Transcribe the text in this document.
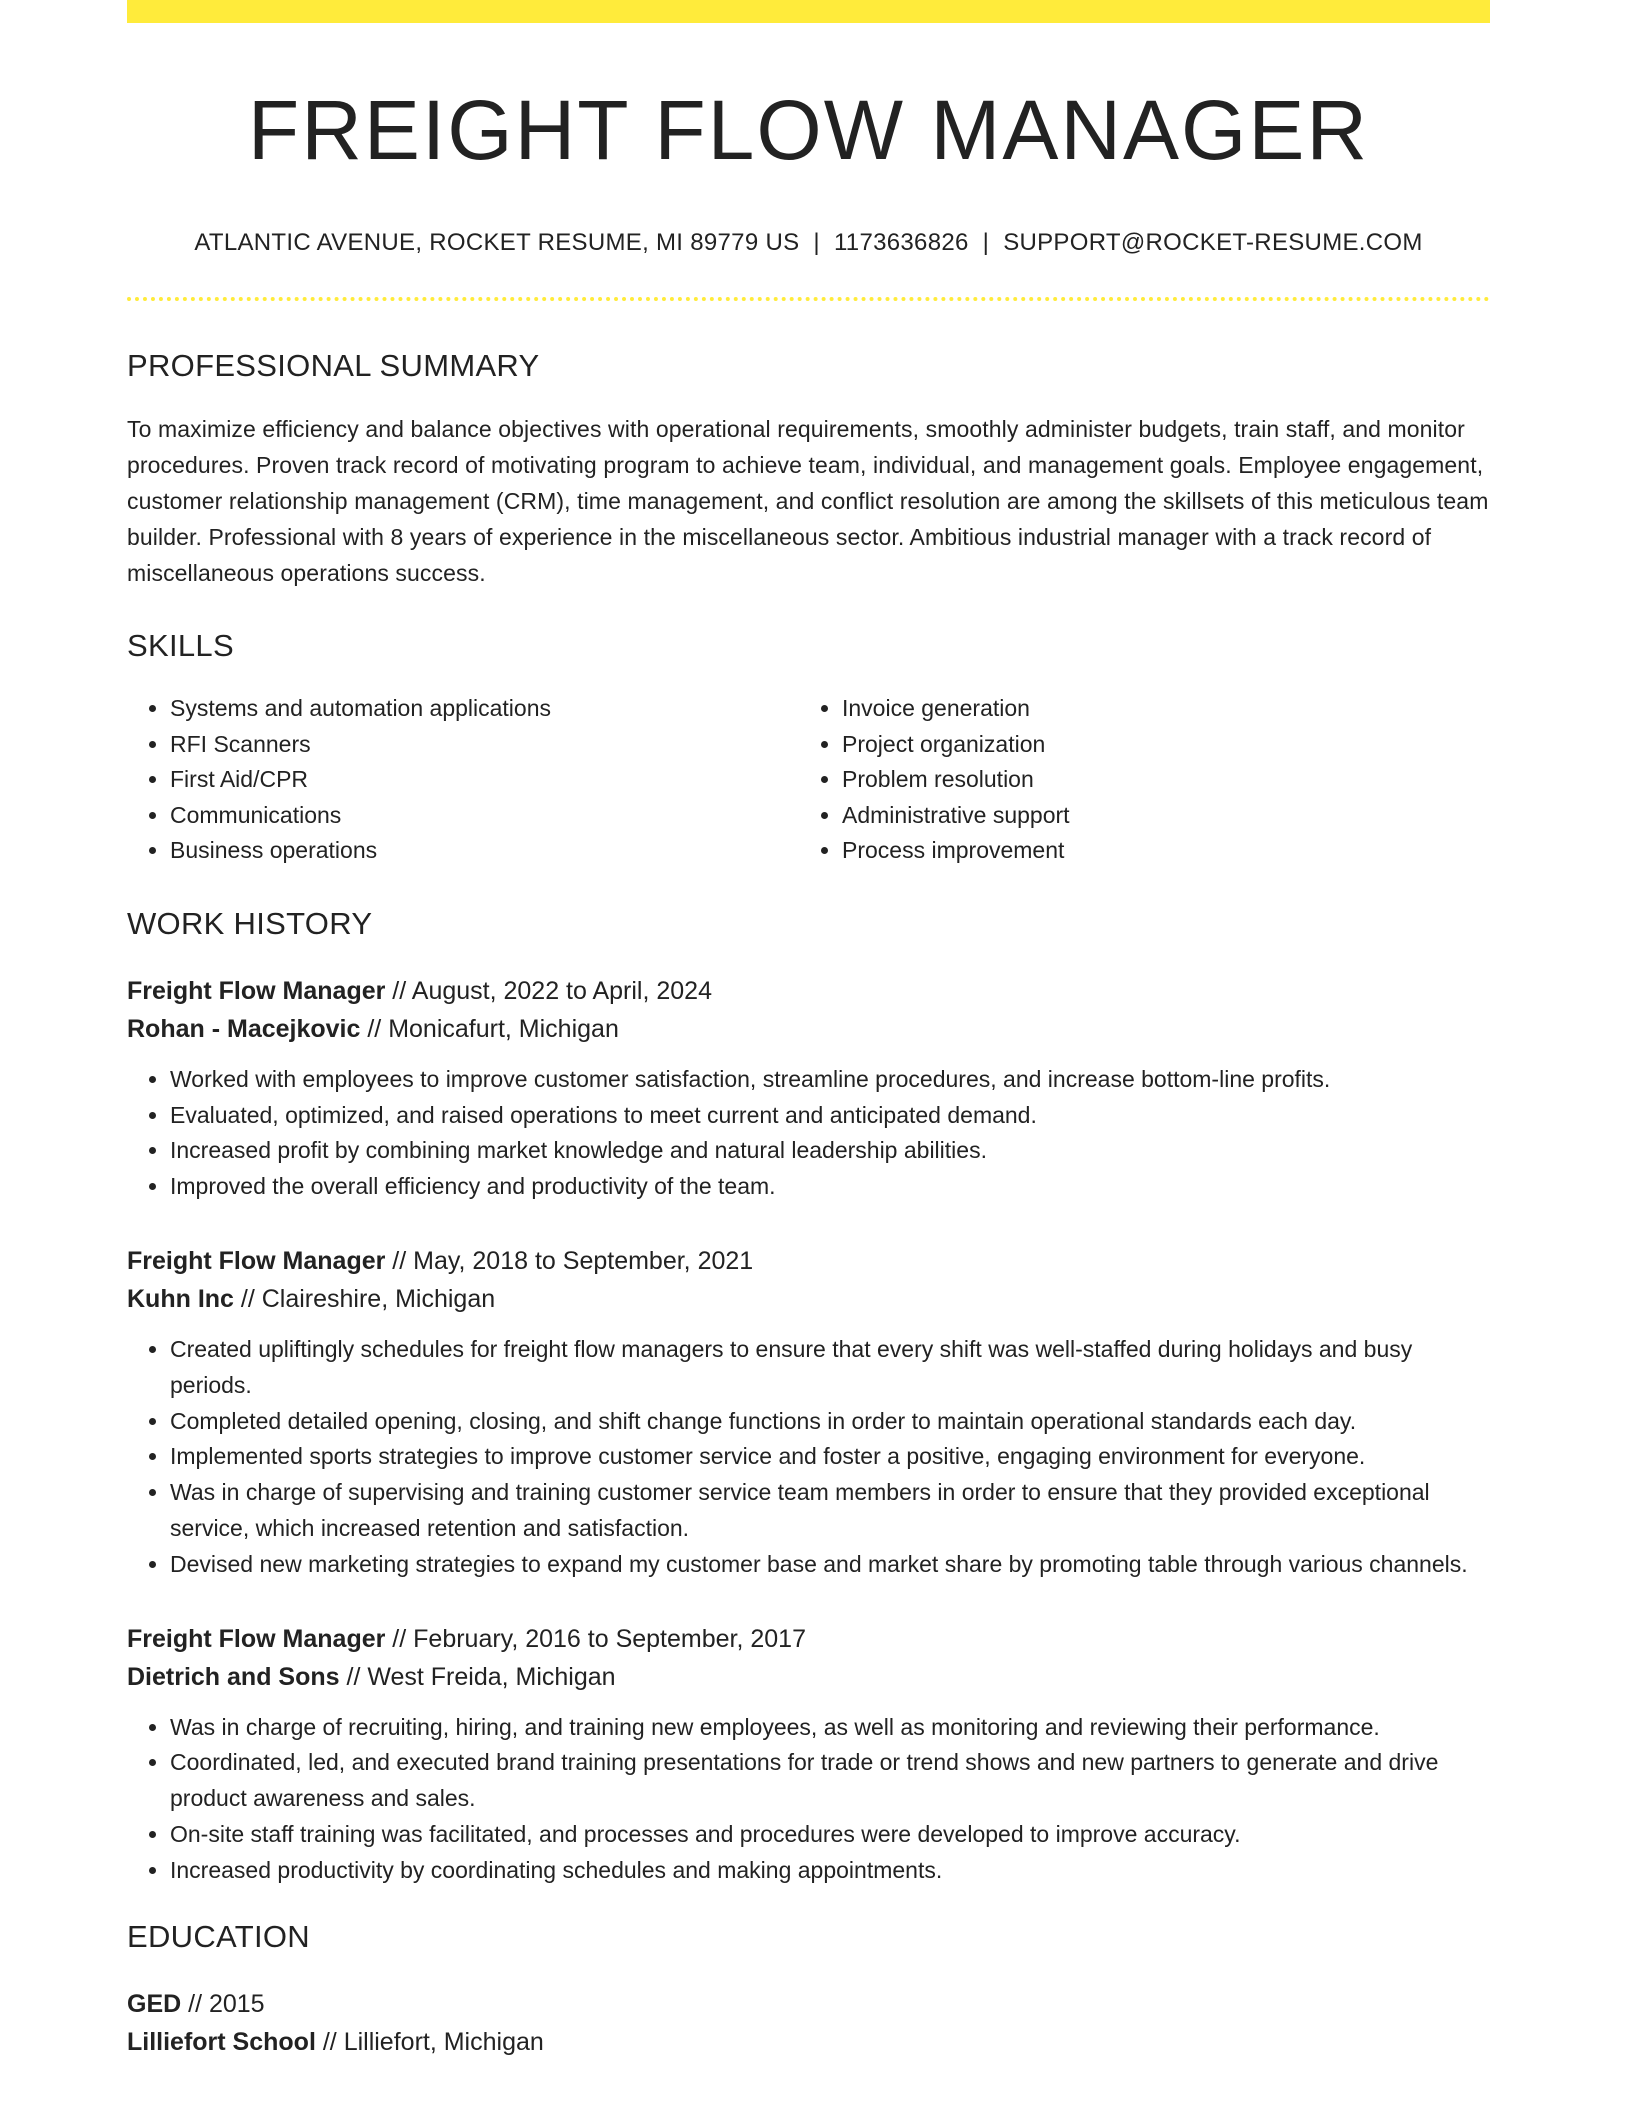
FREIGHT FLOW MANAGER
ATLANTIC AVENUE, ROCKET RESUME, MI 89779 US | 1173636826 | SUPPORT@ROCKET-RESUME.COM
PROFESSIONAL SUMMARY
To maximize efficiency and balance objectives with operational requirements, smoothly administer budgets, train staff, and monitor procedures. Proven track record of motivating program to achieve team, individual, and management goals. Employee engagement, customer relationship management (CRM), time management, and conflict resolution are among the skillsets of this meticulous team builder. Professional with 8 years of experience in the miscellaneous sector. Ambitious industrial manager with a track record of miscellaneous operations success.
SKILLS
• Systems and automation applications
• RFI Scanners
• First Aid/CPR
• Communications
• Business operations
• Invoice generation
• Project organization
• Problem resolution
• Administrative support
• Process improvement
WORK HISTORY
Freight Flow Manager // August, 2022 to April, 2024
Rohan - Macejkovic // Monicafurt, Michigan
• Worked with employees to improve customer satisfaction, streamline procedures, and increase bottom-line profits.
• Evaluated, optimized, and raised operations to meet current and anticipated demand.
• Increased profit by combining market knowledge and natural leadership abilities.
• Improved the overall efficiency and productivity of the team.
Freight Flow Manager // May, 2018 to September, 2021
Kuhn Inc // Claireshire, Michigan
• Created upliftingly schedules for freight flow managers to ensure that every shift was well-staffed during holidays and busy periods.
• Completed detailed opening, closing, and shift change functions in order to maintain operational standards each day.
• Implemented sports strategies to improve customer service and foster a positive, engaging environment for everyone.
• Was in charge of supervising and training customer service team members in order to ensure that they provided exceptional service, which increased retention and satisfaction.
• Devised new marketing strategies to expand my customer base and market share by promoting table through various channels.
Freight Flow Manager // February, 2016 to September, 2017
Dietrich and Sons // West Freida, Michigan
• Was in charge of recruiting, hiring, and training new employees, as well as monitoring and reviewing their performance.
• Coordinated, led, and executed brand training presentations for trade or trend shows and new partners to generate and drive product awareness and sales.
• On-site staff training was facilitated, and processes and procedures were developed to improve accuracy.
• Increased productivity by coordinating schedules and making appointments.
EDUCATION
GED // 2015
Lilliefort School // Lilliefort, Michigan
